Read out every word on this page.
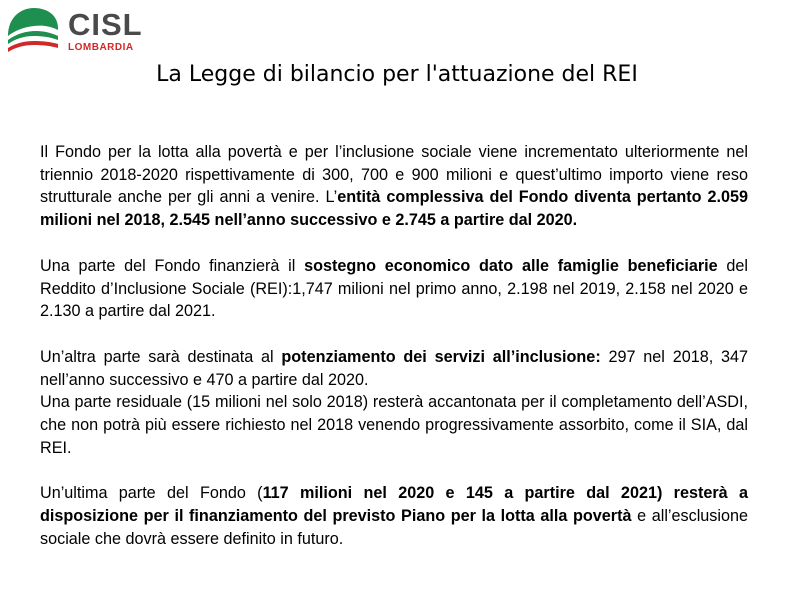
CISL
LOMBARDIA
La Legge di bilancio per l'attuazione del REI

Il Fondo per la lotta alla povertà e per l’inclusione sociale viene incrementato ulteriormente nel triennio 2018-2020 rispettivamente di 300, 700 e 900 milioni e quest’ultimo importo viene reso strutturale anche per gli anni a venire. L’entità complessiva del Fondo diventa pertanto 2.059 milioni nel 2018, 2.545 nell’anno successivo e 2.745 a partire dal 2020.

Una parte del Fondo finanzierà il sostegno economico dato alle famiglie beneficiarie del Reddito d’Inclusione Sociale (REI):1,747 milioni nel primo anno, 2.198 nel 2019, 2.158 nel 2020 e 2.130 a partire dal 2021.

Un’altra parte sarà destinata al potenziamento dei servizi all’inclusione: 297 nel 2018, 347 nell’anno successivo e 470 a partire dal 2020.
Una parte residuale (15 milioni nel solo 2018) resterà accantonata per il completamento dell’ASDI, che non potrà più essere richiesto nel 2018 venendo progressivamente assorbito, come il SIA, dal REI.

Un’ultima parte del Fondo (117 milioni nel 2020 e 145 a partire dal 2021) resterà a disposizione per il finanziamento del previsto Piano per la lotta alla povertà e all’esclusione sociale che dovrà essere definito in futuro.
